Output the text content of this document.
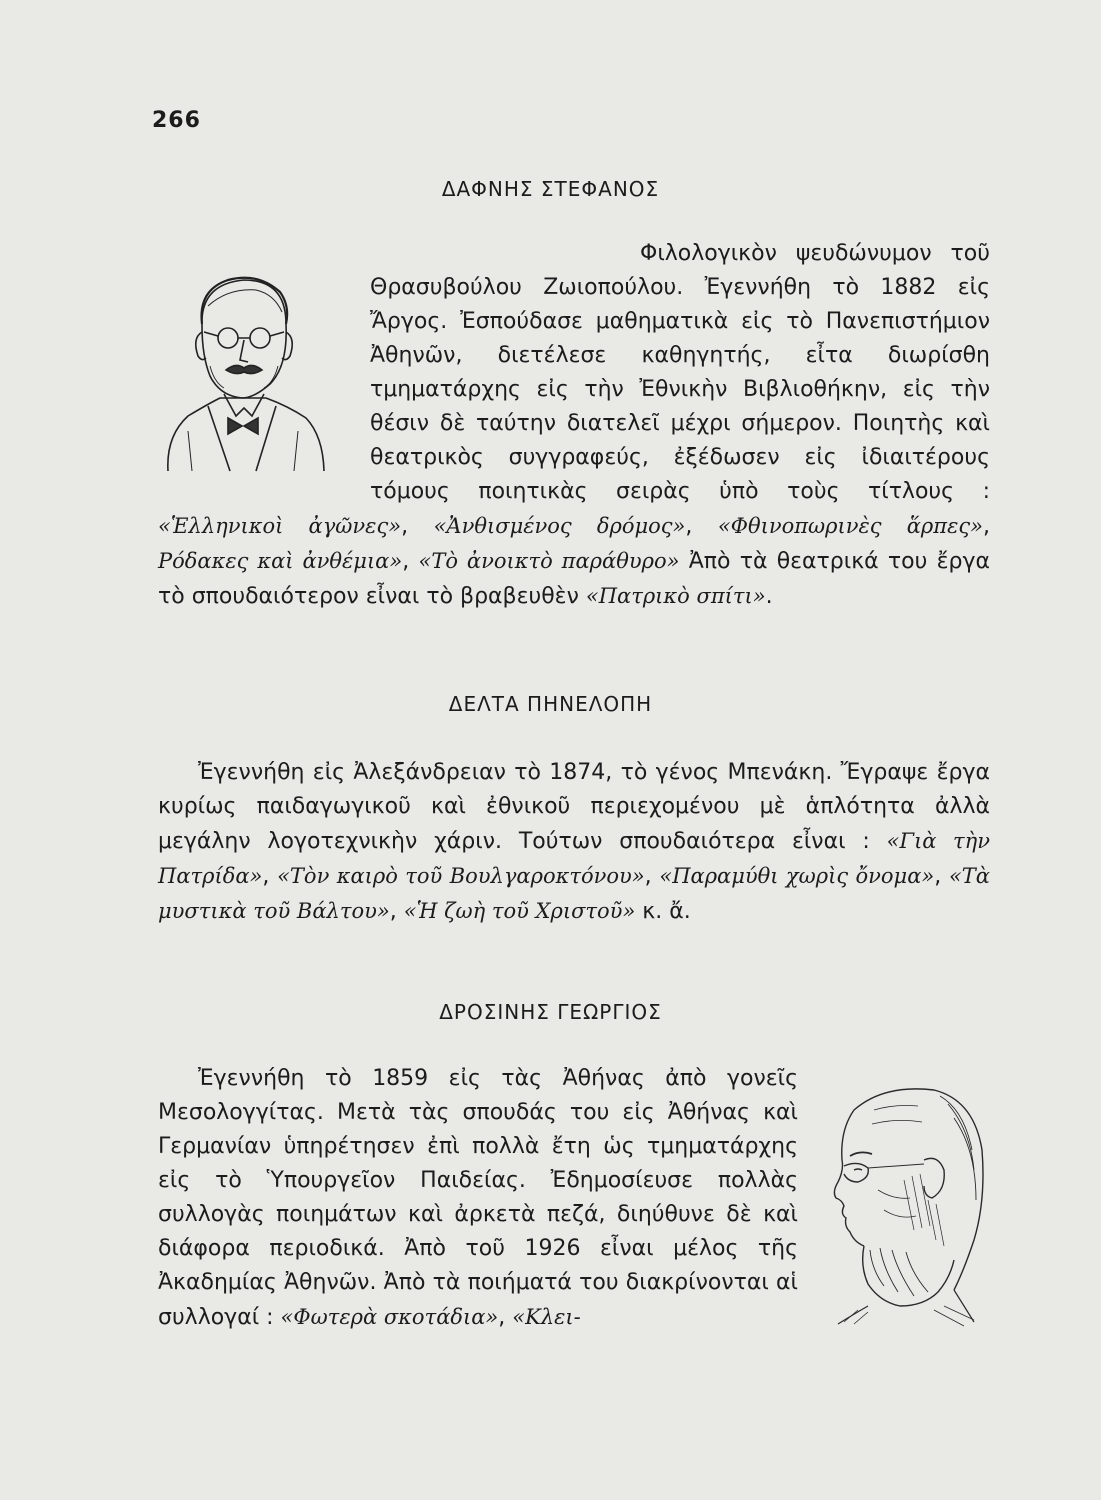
266
ΔΑΦΝΗΣ ΣΤΕΦΑΝΟΣ

Φιλολογικὸν ψευδώνυμον τοῦ Θρασυβούλου Ζωιοπούλου. Ἐγεννήθη τὸ 1882 εἰς Ἄργος. Ἐσπούδασε μαθηματικὰ εἰς τὸ Πανεπιστήμιον Ἀθηνῶν, διετέλεσε καθηγητής, εἶτα διωρίσθη τμηματάρχης εἰς τὴν Ἐθνικὴν Βιβλιοθήκην, εἰς τὴν θέσιν δὲ ταύτην διατελεῖ μέχρι σήμερον. Ποιητὴς καὶ θεατρικὸς συγγραφεύς, ἐξέδωσεν εἰς ἰδιαιτέρους τόμους ποιητικὰς σειρὰς ὑπὸ τοὺς τίτλους : «Ἑλληνικοὶ ἀγῶνες», «Ἀνθισμένος δρόμος», «Φθινοπωρινὲς ἅρπες», Ρόδακες καὶ ἀνθέμια», «Τὸ ἀνοικτὸ παράθυρο» Ἀπὸ τὰ θεατρικά του ἔργα τὸ σπουδαιότερον εἶναι τὸ βραβευθὲν «Πατρικὸ σπίτι».

ΔΕΛΤΑ ΠΗΝΕΛΟΠΗ

Ἐγεννήθη εἰς Ἀλεξάνδρειαν τὸ 1874, τὸ γένος Μπενάκη. Ἔγραψε ἔργα κυρίως παιδαγωγικοῦ καὶ ἐθνικοῦ περιεχομένου μὲ ἁπλότητα ἀλλὰ μεγάλην λογοτεχνικὴν χάριν. Τούτων σπουδαιότερα εἶναι : «Γιὰ τὴν Πατρίδα», «Τὸν καιρὸ τοῦ Βουλγαροκτόνου», «Παραμύθι χωρὶς ὄνομα», «Τὰ μυστικὰ τοῦ Βάλτου», «Ἡ ζωὴ τοῦ Χριστοῦ» κ. ἄ.

ΔΡΟΣΙΝΗΣ ΓΕΩΡΓΙΟΣ

Ἐγεννήθη τὸ 1859 εἰς τὰς Ἀθήνας ἀπὸ γονεῖς Μεσολογγίτας. Μετὰ τὰς σπουδάς του εἰς Ἀθήνας καὶ Γερμανίαν ὑπηρέτησεν ἐπὶ πολλὰ ἔτη ὡς τμηματάρχης εἰς τὸ Ὑπουργεῖον Παιδείας. Ἐδημοσίευσε πολλὰς συλλογὰς ποιημάτων καὶ ἀρκετὰ πεζά, διηύθυνε δὲ καὶ διάφορα περιοδικά. Ἀπὸ τοῦ 1926 εἶναι μέλος τῆς Ἀκαδημίας Ἀθηνῶν. Ἀπὸ τὰ ποιήματά του διακρίνονται αἱ συλλογαί : «Φωτερὰ σκοτάδια», «Κλει-
